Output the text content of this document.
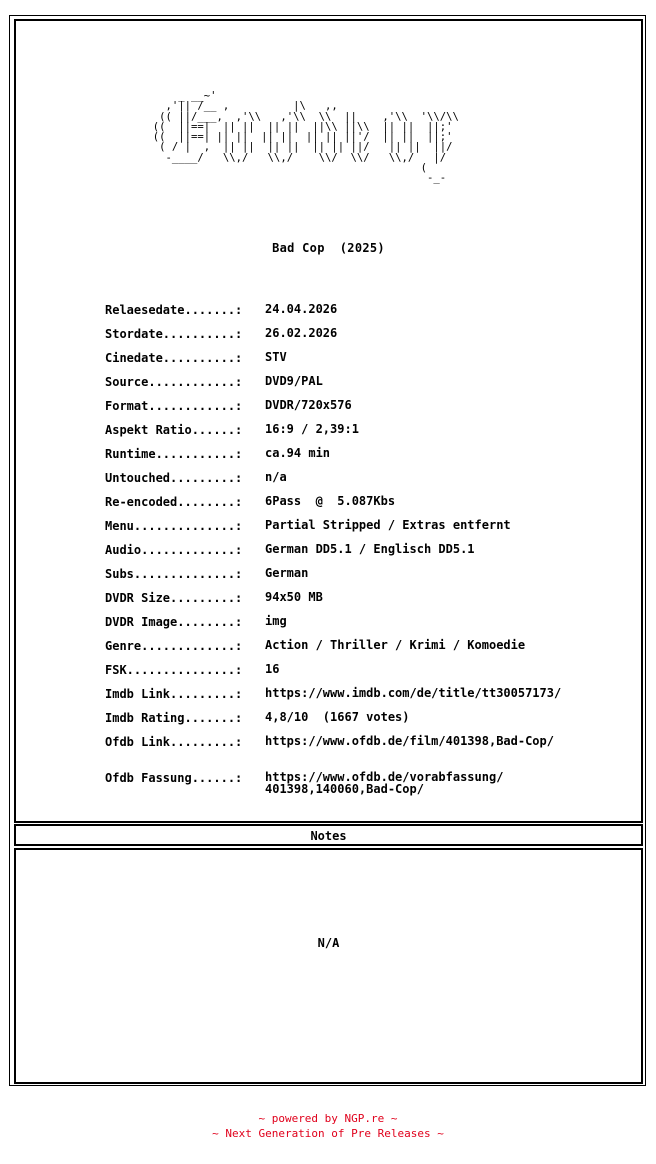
_ __~'
,'|| /__ ,          |\   ,,
(( ||/___,  ,'\\   ,'\\  \\  ||    ,'\\  '\\/\\
((  ||==|  || ||  || ||  ||\\ ||\\  || ||  ||;'
((  ||==| || ||  || ||  || || ||'/  || ||  ||;'
( / |  ,  || ||  || ||  || || ||/   || ||  ||/
-____/   \\,/   \\,/    \\/  \\/   \\,/   |/
(
-_-
Bad Cop  (2025)
Relaesedate.......: 24.04.2026
Stordate..........: 26.02.2026
Cinedate..........: STV
Source............: DVD9/PAL
Format............: DVDR/720x576
Aspekt Ratio......: 16:9 / 2,39:1
Runtime...........: ca.94 min
Untouched.........: n/a
Re-encoded........: 6Pass  @  5.087Kbs
Menu..............: Partial Stripped / Extras entfernt
Audio.............: German DD5.1 / Englisch DD5.1
Subs..............: German
DVDR Size.........: 94x50 MB
DVDR Image........: img
Genre.............: Action / Thriller / Krimi / Komoedie
FSK...............: 16
Imdb Link.........: https://www.imdb.com/de/title/tt30057173/
Imdb Rating.......: 4,8/10  (1667 votes)
Ofdb Link.........: https://www.ofdb.de/film/401398,Bad-Cop/
Ofdb Fassung......: https://www.ofdb.de/vorabfassung/
401398,140060,Bad-Cop/
Notes
N/A
~ powered by NGP.re ~
~ Next Generation of Pre Releases ~
